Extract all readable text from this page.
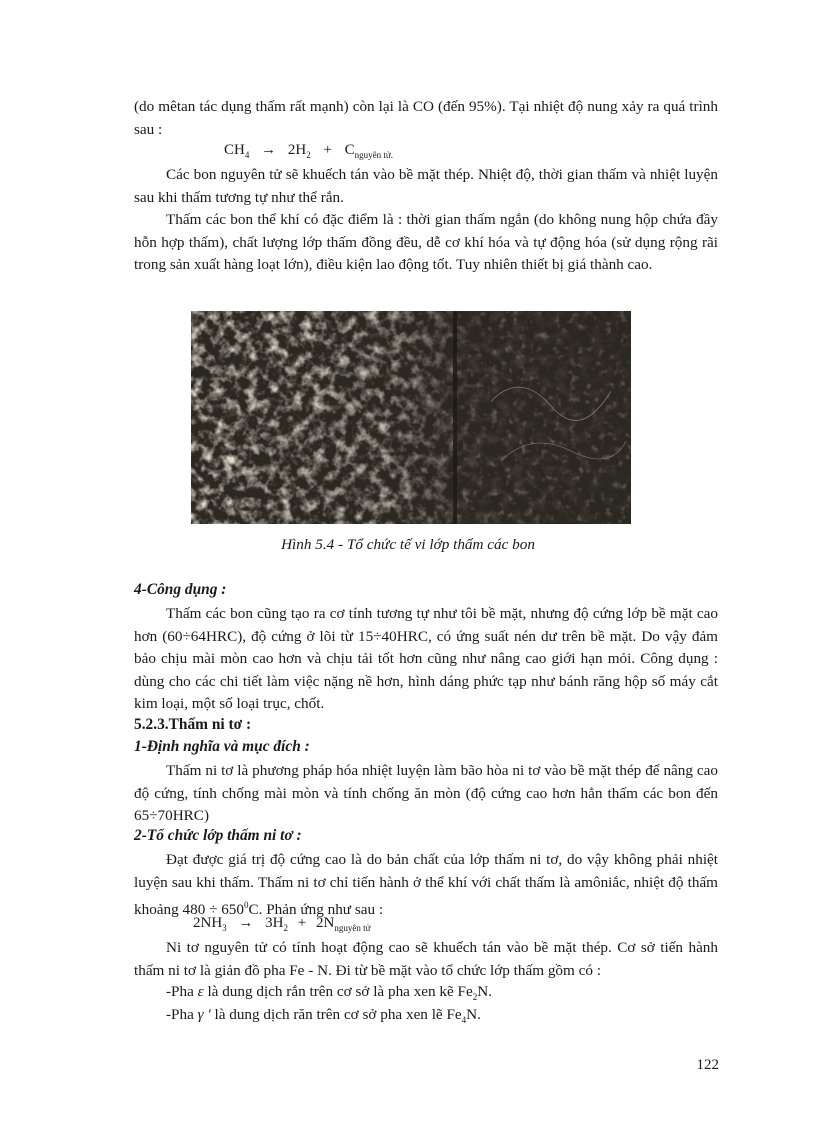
(do mêtan tác dụng thấm rất mạnh) còn lại là CO (đến 95%). Tại nhiệt độ nung xảy ra quá trình sau :
$CH_4 \to 2H_2 + C_{nguyên tử.}$
Các bon nguyên tử sẽ khuếch tán vào bề mặt thép. Nhiệt độ, thời gian thấm và nhiệt luyện sau khi thấm tương tự như thể rắn.
Thấm các bon thể khí có đặc điểm là : thời gian thấm ngắn (do không nung hộp chứa đầy hỗn hợp thấm), chất lượng lớp thấm đồng đều, dễ cơ khí hóa và tự động hóa (sử dụng rộng rãi trong sản xuất hàng loạt lớn), điều kiện lao động tốt. Tuy nhiên thiết bị giá thành cao.
Hình 5.4 - Tổ chức tế vi lớp thấm các bon
4-Công dụng :
Thấm các bon cũng tạo ra cơ tính tương tự như tôi bề mặt, nhưng độ cứng lớp bề mặt cao hơn (60÷64HRC), độ cứng ở lõi từ 15÷40HRC, có ứng suất nén dư trên bề mặt. Do vậy đảm bảo chịu mài mòn cao hơn và chịu tải tốt hơn cũng như nâng cao giới hạn mỏi. Công dụng : dùng cho các chi tiết làm việc nặng nề hơn, hình dáng phức tạp như bánh răng hộp số máy cắt kim loại, một số loại trục, chốt.
5.2.3.Thấm ni tơ :
1-Định nghĩa và mục đích :
Thấm ni tơ là phương pháp hóa nhiệt luyện làm bão hòa ni tơ vào bề mặt thép để nâng cao độ cứng, tính chống mài mòn và tính chống ăn mòn (độ cứng cao hơn hẳn thấm các bon đến 65÷70HRC)
2-Tổ chức lớp thấm ni tơ :
Đạt được giá trị độ cứng cao là do bản chất của lớp thấm ni tơ, do vậy không phải nhiệt luyện sau khi thấm. Thấm ni tơ chỉ tiến hành ở thể khí với chất thấm là amôniắc, nhiệt độ thấm khoảng $480 \div 650^0C$. Phản ứng như sau :
$2NH_3 \to 3H_2 + 2N_{nguyên tử}$
Ni tơ nguyên tử có tính hoạt động cao sẽ khuếch tán vào bề mặt thép. Cơ sở tiến hành thấm ni tơ là giản đồ pha Fe - N. Đi từ bề mặt vào tổ chức lớp thấm gồm có :
-Pha ε là dung dịch rắn trên cơ sở là pha xen kẽ $Fe_2N$.
-Pha γ ' là dung dịch răn trên cơ sở pha xen lẽ $Fe_4N$.
122
